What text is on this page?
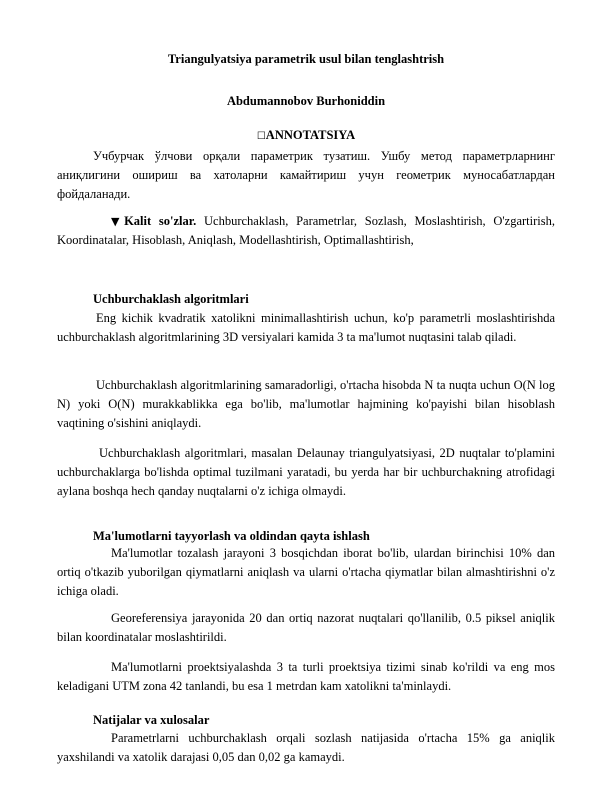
Triangulyatsiya parametrik usul bilan tenglashtrish
Abdumannobov Burhoniddin
☐ANNOTATSIYA
Учбурчак ўлчови орқали параметрик тузатиш. Ушбу метод параметрларнинг аниқлигини ошириш ва хатоларни камайтириш учун геометрик муносабатлардан фойдаланади.
▼Kalit so'zlar. Uchburchaklash, Parametrlar, Sozlash, Moslashtirish, O'zgartirish, Koordinatalar, Hisoblash, Aniqlash, Modellashtirish, Optimallashtirish,
Uchburchaklash algoritmlari
Eng kichik kvadratik xatolikni minimallashtirish uchun, ko'p parametrli moslashtirishda uchburchaklash algoritmlarining 3D versiyalari kamida 3 ta ma'lumot nuqtasini talab qiladi.
Uchburchaklash algoritmlarining samaradorligi, o'rtacha hisobda N ta nuqta uchun O(N log N) yoki O(N) murakkablikka ega bo'lib, ma'lumotlar hajmining ko'payishi bilan hisoblash vaqtining o'sishini aniqlaydi.
Uchburchaklash algoritmlari, masalan Delaunay triangulyatsiyasi, 2D nuqtalar to'plamini uchburchaklarga bo'lishda optimal tuzilmani yaratadi, bu yerda har bir uchburchakning atrofidagi aylana boshqa hech qanday nuqtalarni o'z ichiga olmaydi.
Ma'lumotlarni tayyorlash va oldindan qayta ishlash
Ma'lumotlar tozalash jarayoni 3 bosqichdan iborat bo'lib, ulardan birinchisi 10% dan ortiq o'tkazib yuborilgan qiymatlarni aniqlash va ularni o'rtacha qiymatlar bilan almashtirishni o'z ichiga oladi.
Georeferensiya jarayonida 20 dan ortiq nazorat nuqtalari qo'llanilib, 0.5 piksel aniqlik bilan koordinatalar moslashtirildi.
Ma'lumotlarni proektsiyalashda 3 ta turli proektsiya tizimi sinab ko'rildi va eng mos keladigani UTM zona 42 tanlandi, bu esa 1 metrdan kam xatolikni ta'minlaydi.
Natijalar va xulosalar
Parametrlarni uchburchaklash orqali sozlash natijasida o'rtacha 15% ga aniqlik yaxshilandi va xatolik darajasi 0,05 dan 0,02 ga kamaydi.
